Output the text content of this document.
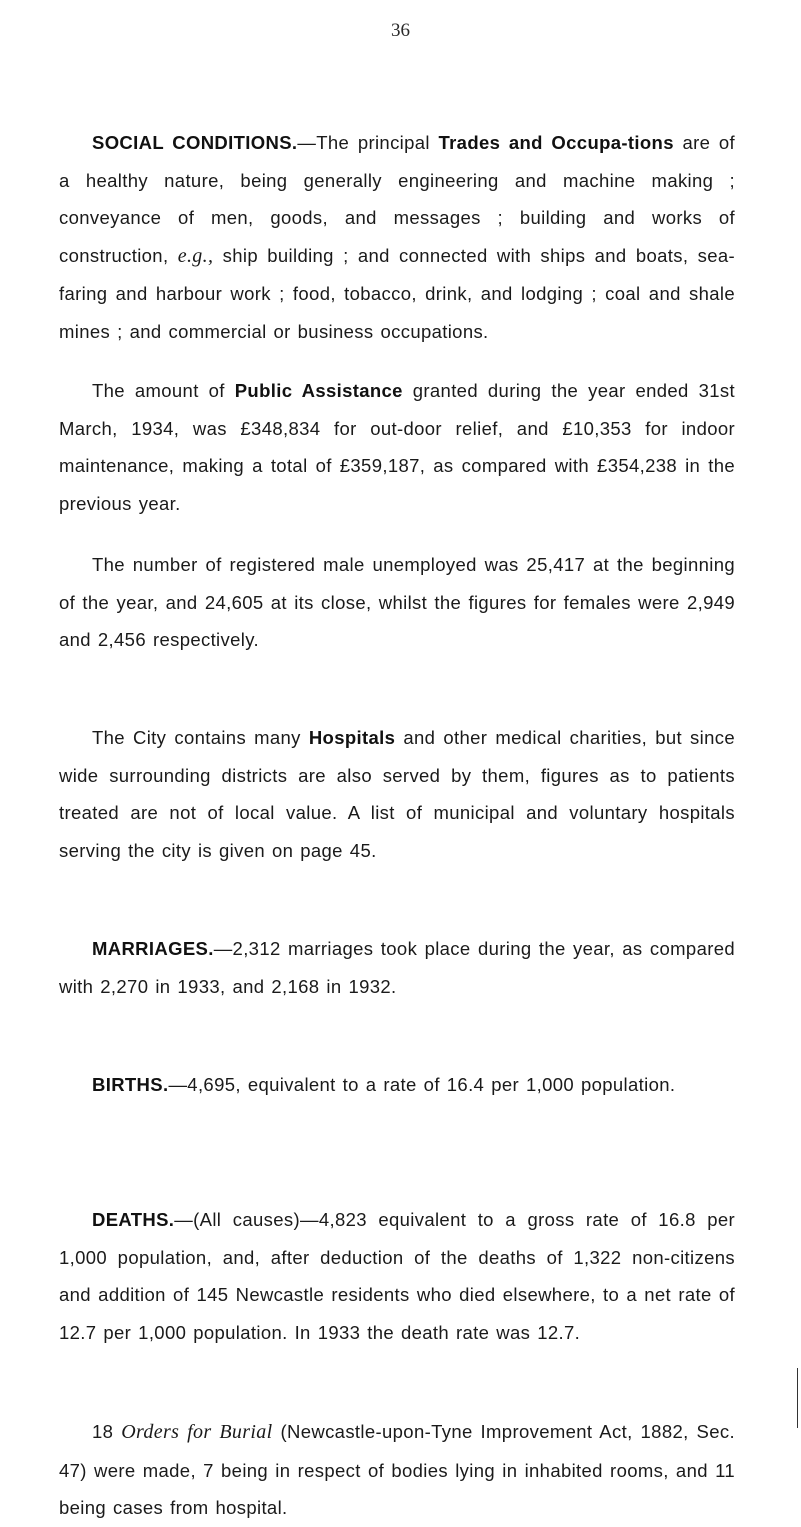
36

SOCIAL CONDITIONS.—The principal Trades and Occupa-tions are of a healthy nature, being generally engineering and machine making ; conveyance of men, goods, and messages ; building and works of construction, e.g., ship building ; and connected with ships and boats, sea-faring and harbour work ; food, tobacco, drink, and lodging ; coal and shale mines ; and commercial or business occupations.

The amount of Public Assistance granted during the year ended 31st March, 1934, was £348,834 for out-door relief, and £10,353 for indoor maintenance, making a total of £359,187, as compared with £354,238 in the previous year.

The number of registered male unemployed was 25,417 at the beginning of the year, and 24,605 at its close, whilst the figures for females were 2,949 and 2,456 respectively.

The City contains many Hospitals and other medical charities, but since wide surrounding districts are also served by them, figures as to patients treated are not of local value. A list of municipal and voluntary hospitals serving the city is given on page 45.

MARRIAGES.—2,312 marriages took place during the year, as compared with 2,270 in 1933, and 2,168 in 1932.

BIRTHS.—4,695, equivalent to a rate of 16.4 per 1,000 population.

DEATHS.—(All causes)—4,823 equivalent to a gross rate of 16.8 per 1,000 population, and, after deduction of the deaths of 1,322 non-citizens and addition of 145 Newcastle residents who died elsewhere, to a net rate of 12.7 per 1,000 population. In 1933 the death rate was 12.7.

18 Orders for Burial (Newcastle-upon-Tyne Improvement Act, 1882, Sec. 47) were made, 7 being in respect of bodies lying in inhabited rooms, and 11 being cases from hospital.
